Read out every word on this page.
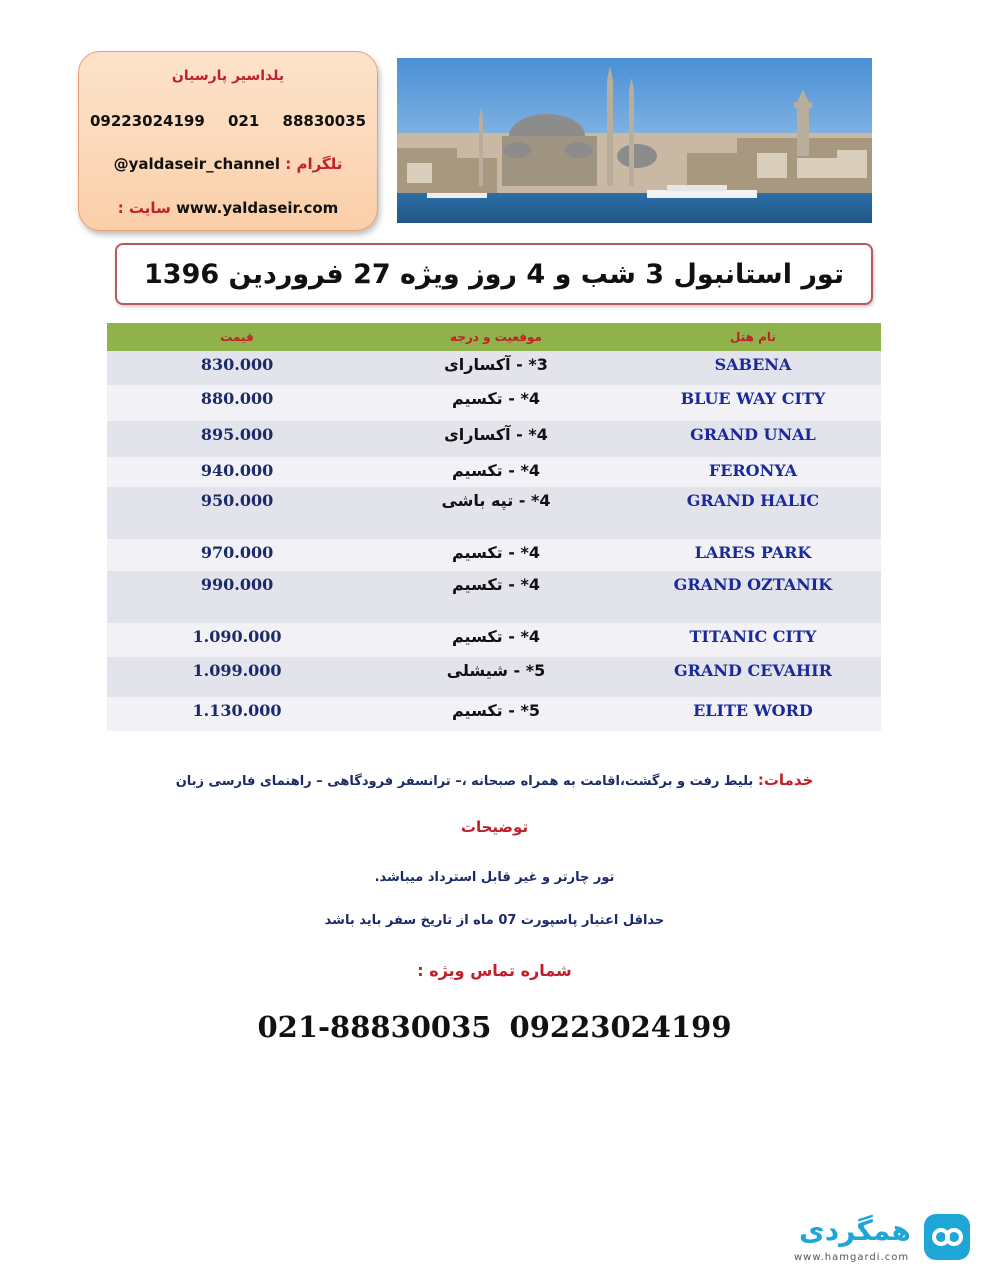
یلداسیر پارسیان
09223024199 021 88830035
@yaldaseir_channel : تلگرام
: سایت www.yaldaseir.com
تور استانبول 3 شب و 4 روز ویژه 27 فروردین 1396
قیمت	موقعیت و درجه	نام هتل
830.000	3* - آکسارای	SABENA
880.000	4* - تکسیم	BLUE WAY CITY
895.000	4* - آکسارای	GRAND UNAL
940.000	4* - تکسیم	FERONYA
950.000	4* - تپه باشی	GRAND HALIC
970.000	4* - تکسیم	LARES PARK
990.000	4* - تکسیم	GRAND OZTANIK
1.090.000	4* - تکسیم	TITANIC CITY
1.099.000	5* - شیشلی	GRAND CEVAHIR
1.130.000	5* - تکسیم	ELITE WORD
خدمات: بلیط رفت و برگشت،اقامت به همراه صبحانه ،– ترانسفر فرودگاهی – راهنمای فارسی زبان
توضیحات
تور چارتر و غیر قابل استرداد میباشد.
حداقل اعتبار پاسپورت 07 ماه از تاریخ سفر باید باشد
شماره تماس ویژه :
021-88830035 09223024199
همگردی
www.hamgardi.com
